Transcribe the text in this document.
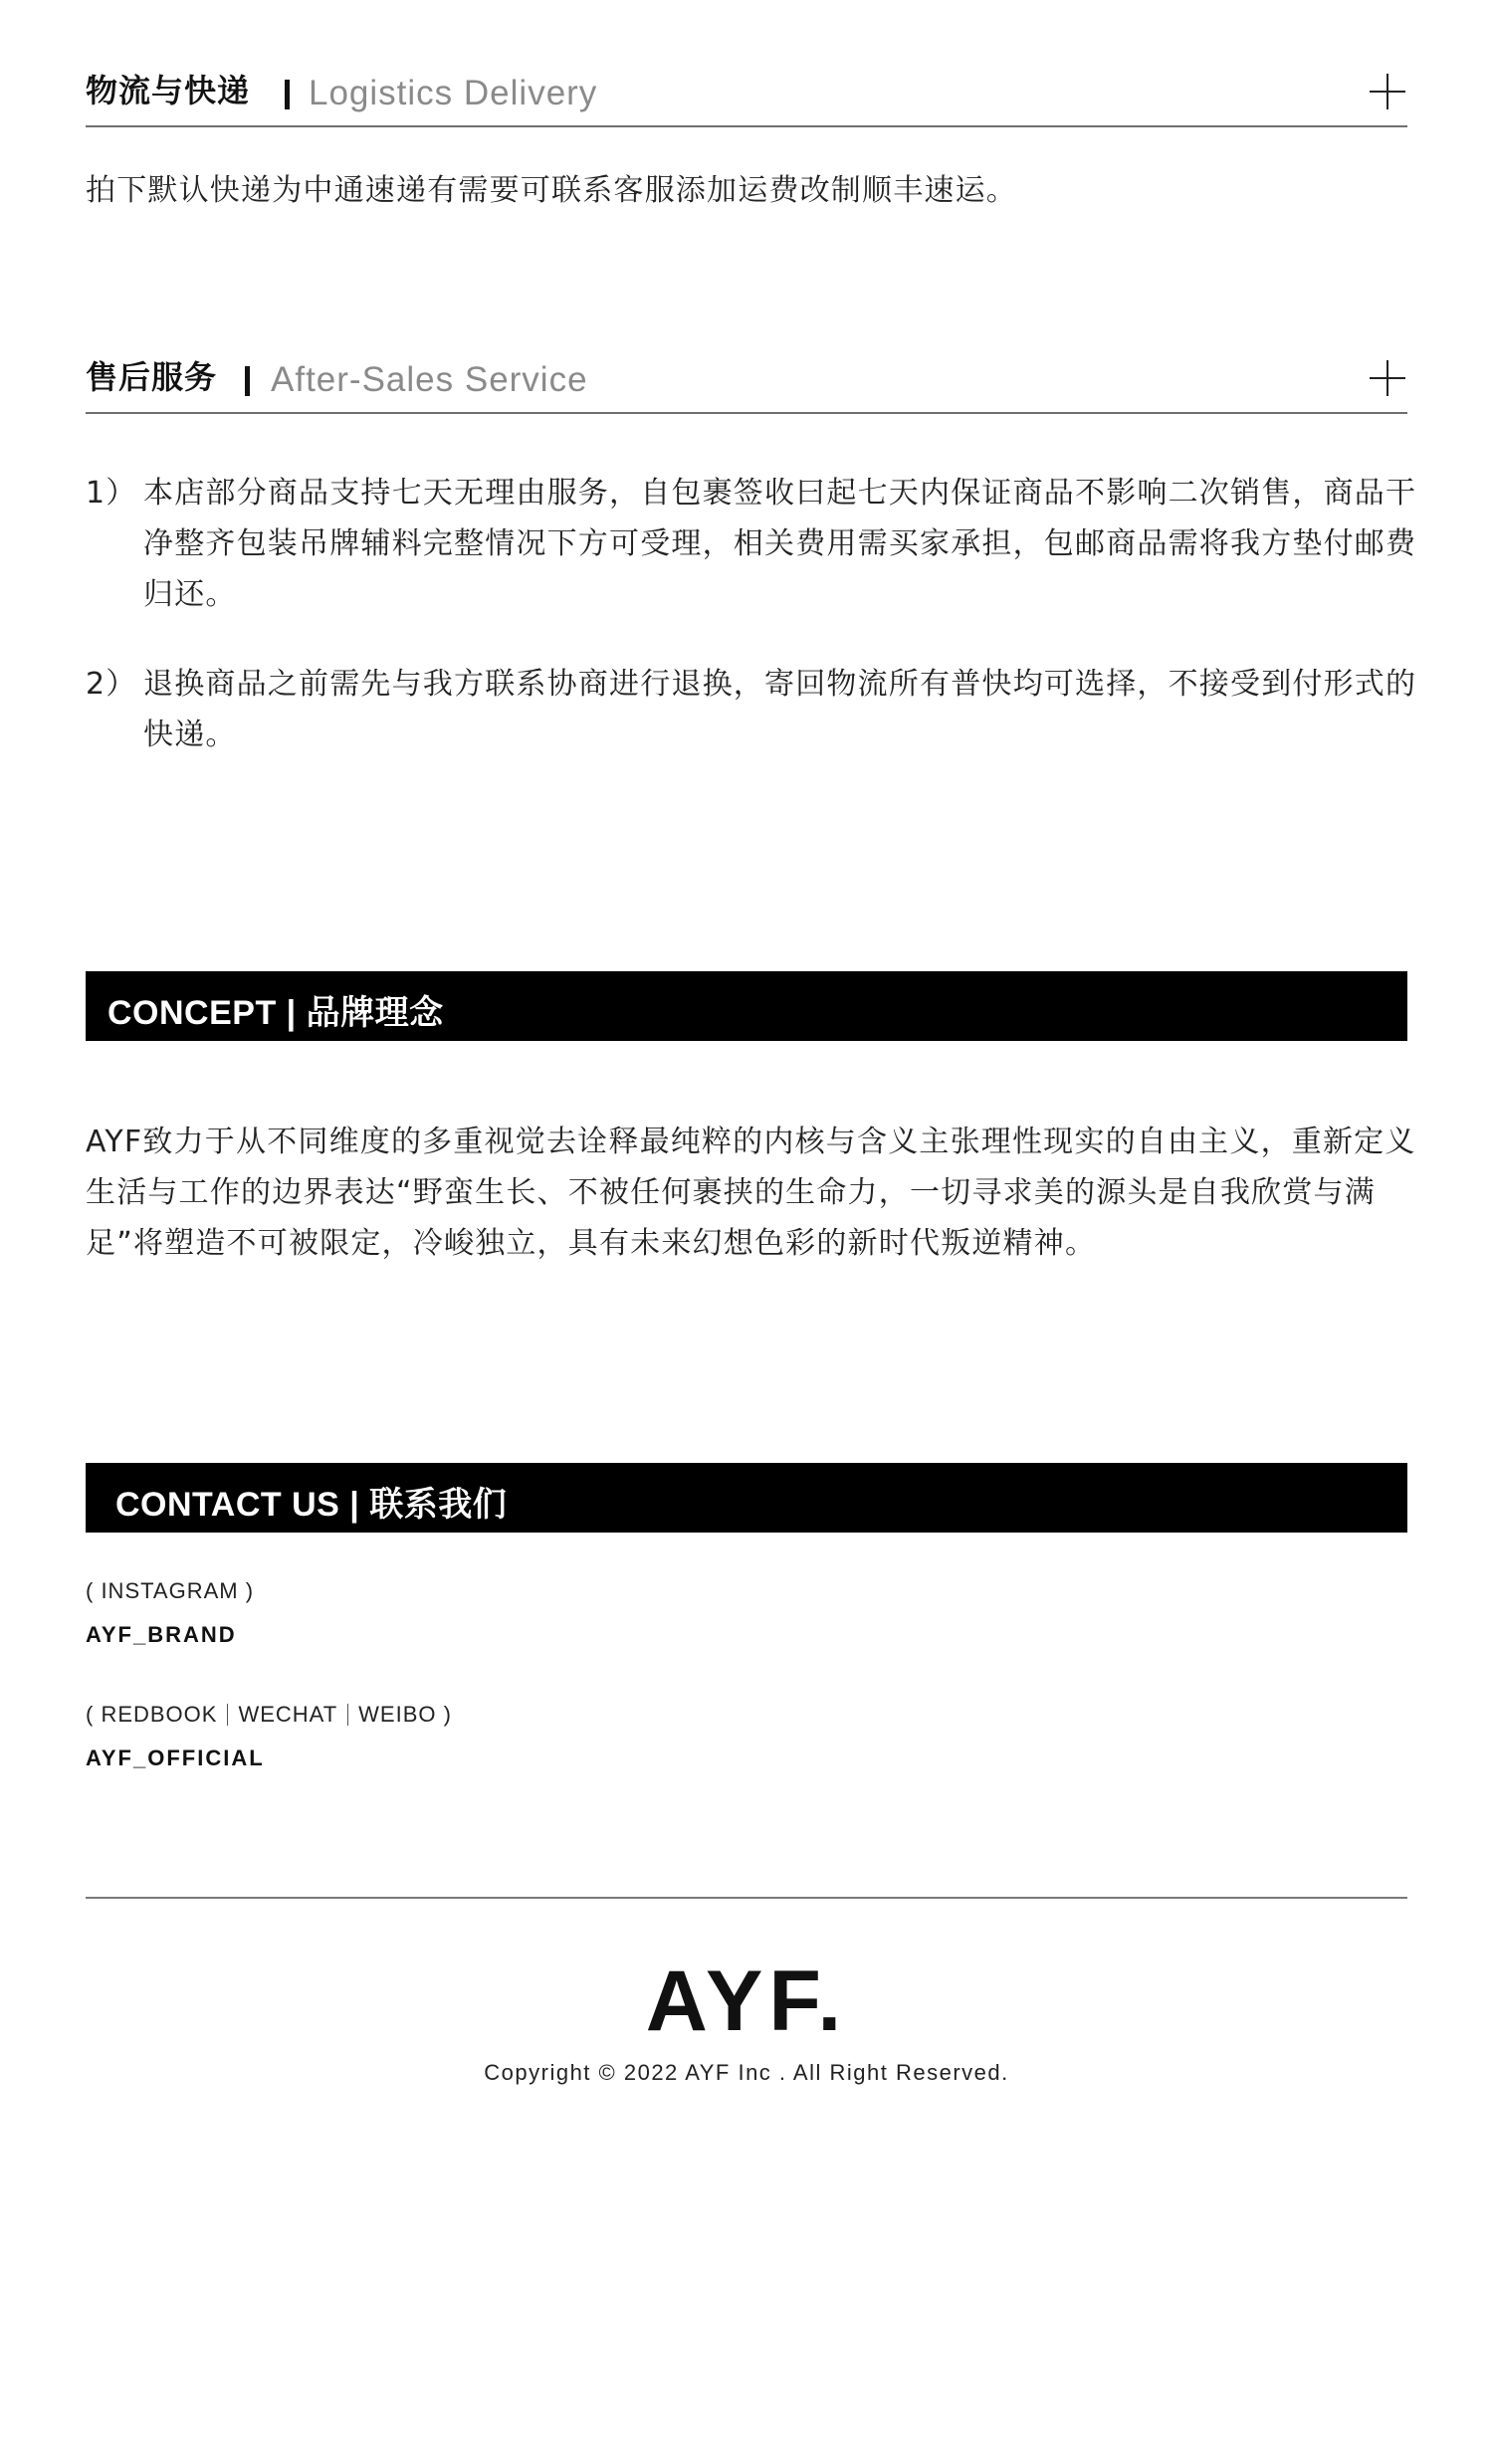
物流与快递 Logistics Delivery
拍下默认快递为中通速递有需要可联系客服添加运费改制顺丰速运。
售后服务 After-Sales Service
1） 本店部分商品支持七天无理由服务，自包裹签收曰起七天内保证商品不影响二次销售，商品干净整齐包装吊牌辅料完整情况下方可受理，相关费用需买家承担，包邮商品需将我方垫付邮费归还。
2） 退换商品之前需先与我方联系协商进行退换，寄回物流所有普快均可选择，不接受到付形式的快递。
CONCEPT | 品牌理念
AYF致力于从不同维度的多重视觉去诠释最纯粹的内核与含义主张理性现实的自由主义，重新定义生活与工作的边界表达“野蛮生长、不被任何裹挟的生命力，一切寻求美的源头是自我欣赏与满足”将塑造不可被限定，冷峻独立，具有未来幻想色彩的新时代叛逆精神。
CONTACT US | 联系我们
( INSTAGRAM )
AYF_BRAND
( REDBOOK WECHAT WEIBO )
AYF_OFFICIAL
AYF.
Copyright © 2022 AYF Inc . All Right Reserved.
